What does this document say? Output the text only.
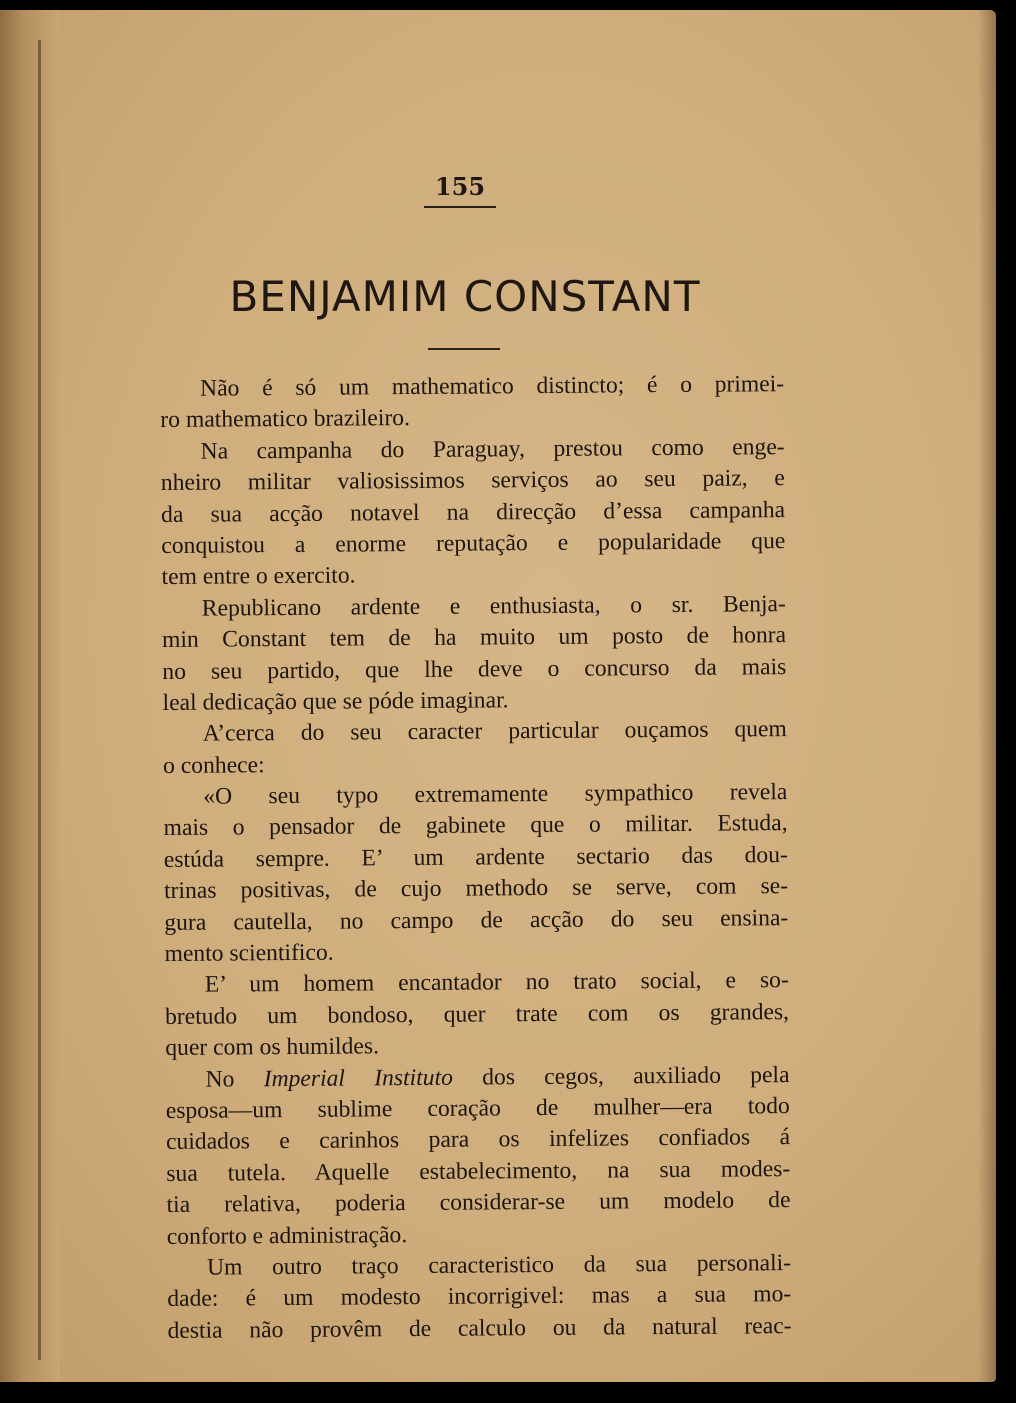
155
BENJAMIM CONSTANT
Não é só um mathematico distincto; é o primei-
ro mathematico brazileiro.
Na campanha do Paraguay, prestou como enge-
nheiro militar valiosissimos serviços ao seu paiz, e
da sua acção notavel na direcção d’essa campanha
conquistou a enorme reputação e popularidade que
tem entre o exercito.
Republicano ardente e enthusiasta, o sr. Benja-
min Constant tem de ha muito um posto de honra
no seu partido, que lhe deve o concurso da mais
leal dedicação que se póde imaginar.
A’cerca do seu caracter particular ouçamos quem
o conhece:
«O seu typo extremamente sympathico revela
mais o pensador de gabinete que o militar. Estuda,
estúda sempre. E’ um ardente sectario das dou-
trinas positivas, de cujo methodo se serve, com se-
gura cautella, no campo de acção do seu ensina-
mento scientifico.
E’ um homem encantador no trato social, e so-
bretudo um bondoso, quer trate com os grandes,
quer com os humildes.
No Imperial Instituto dos cegos, auxiliado pela
esposa—um sublime coração de mulher—era todo
cuidados e carinhos para os infelizes confiados á
sua tutela. Aquelle estabelecimento, na sua modes-
tia relativa, poderia considerar-se um modelo de
conforto e administração.
Um outro traço caracteristico da sua personali-
dade: é um modesto incorrigivel: mas a sua mo-
destia não provêm de calculo ou da natural reac-
